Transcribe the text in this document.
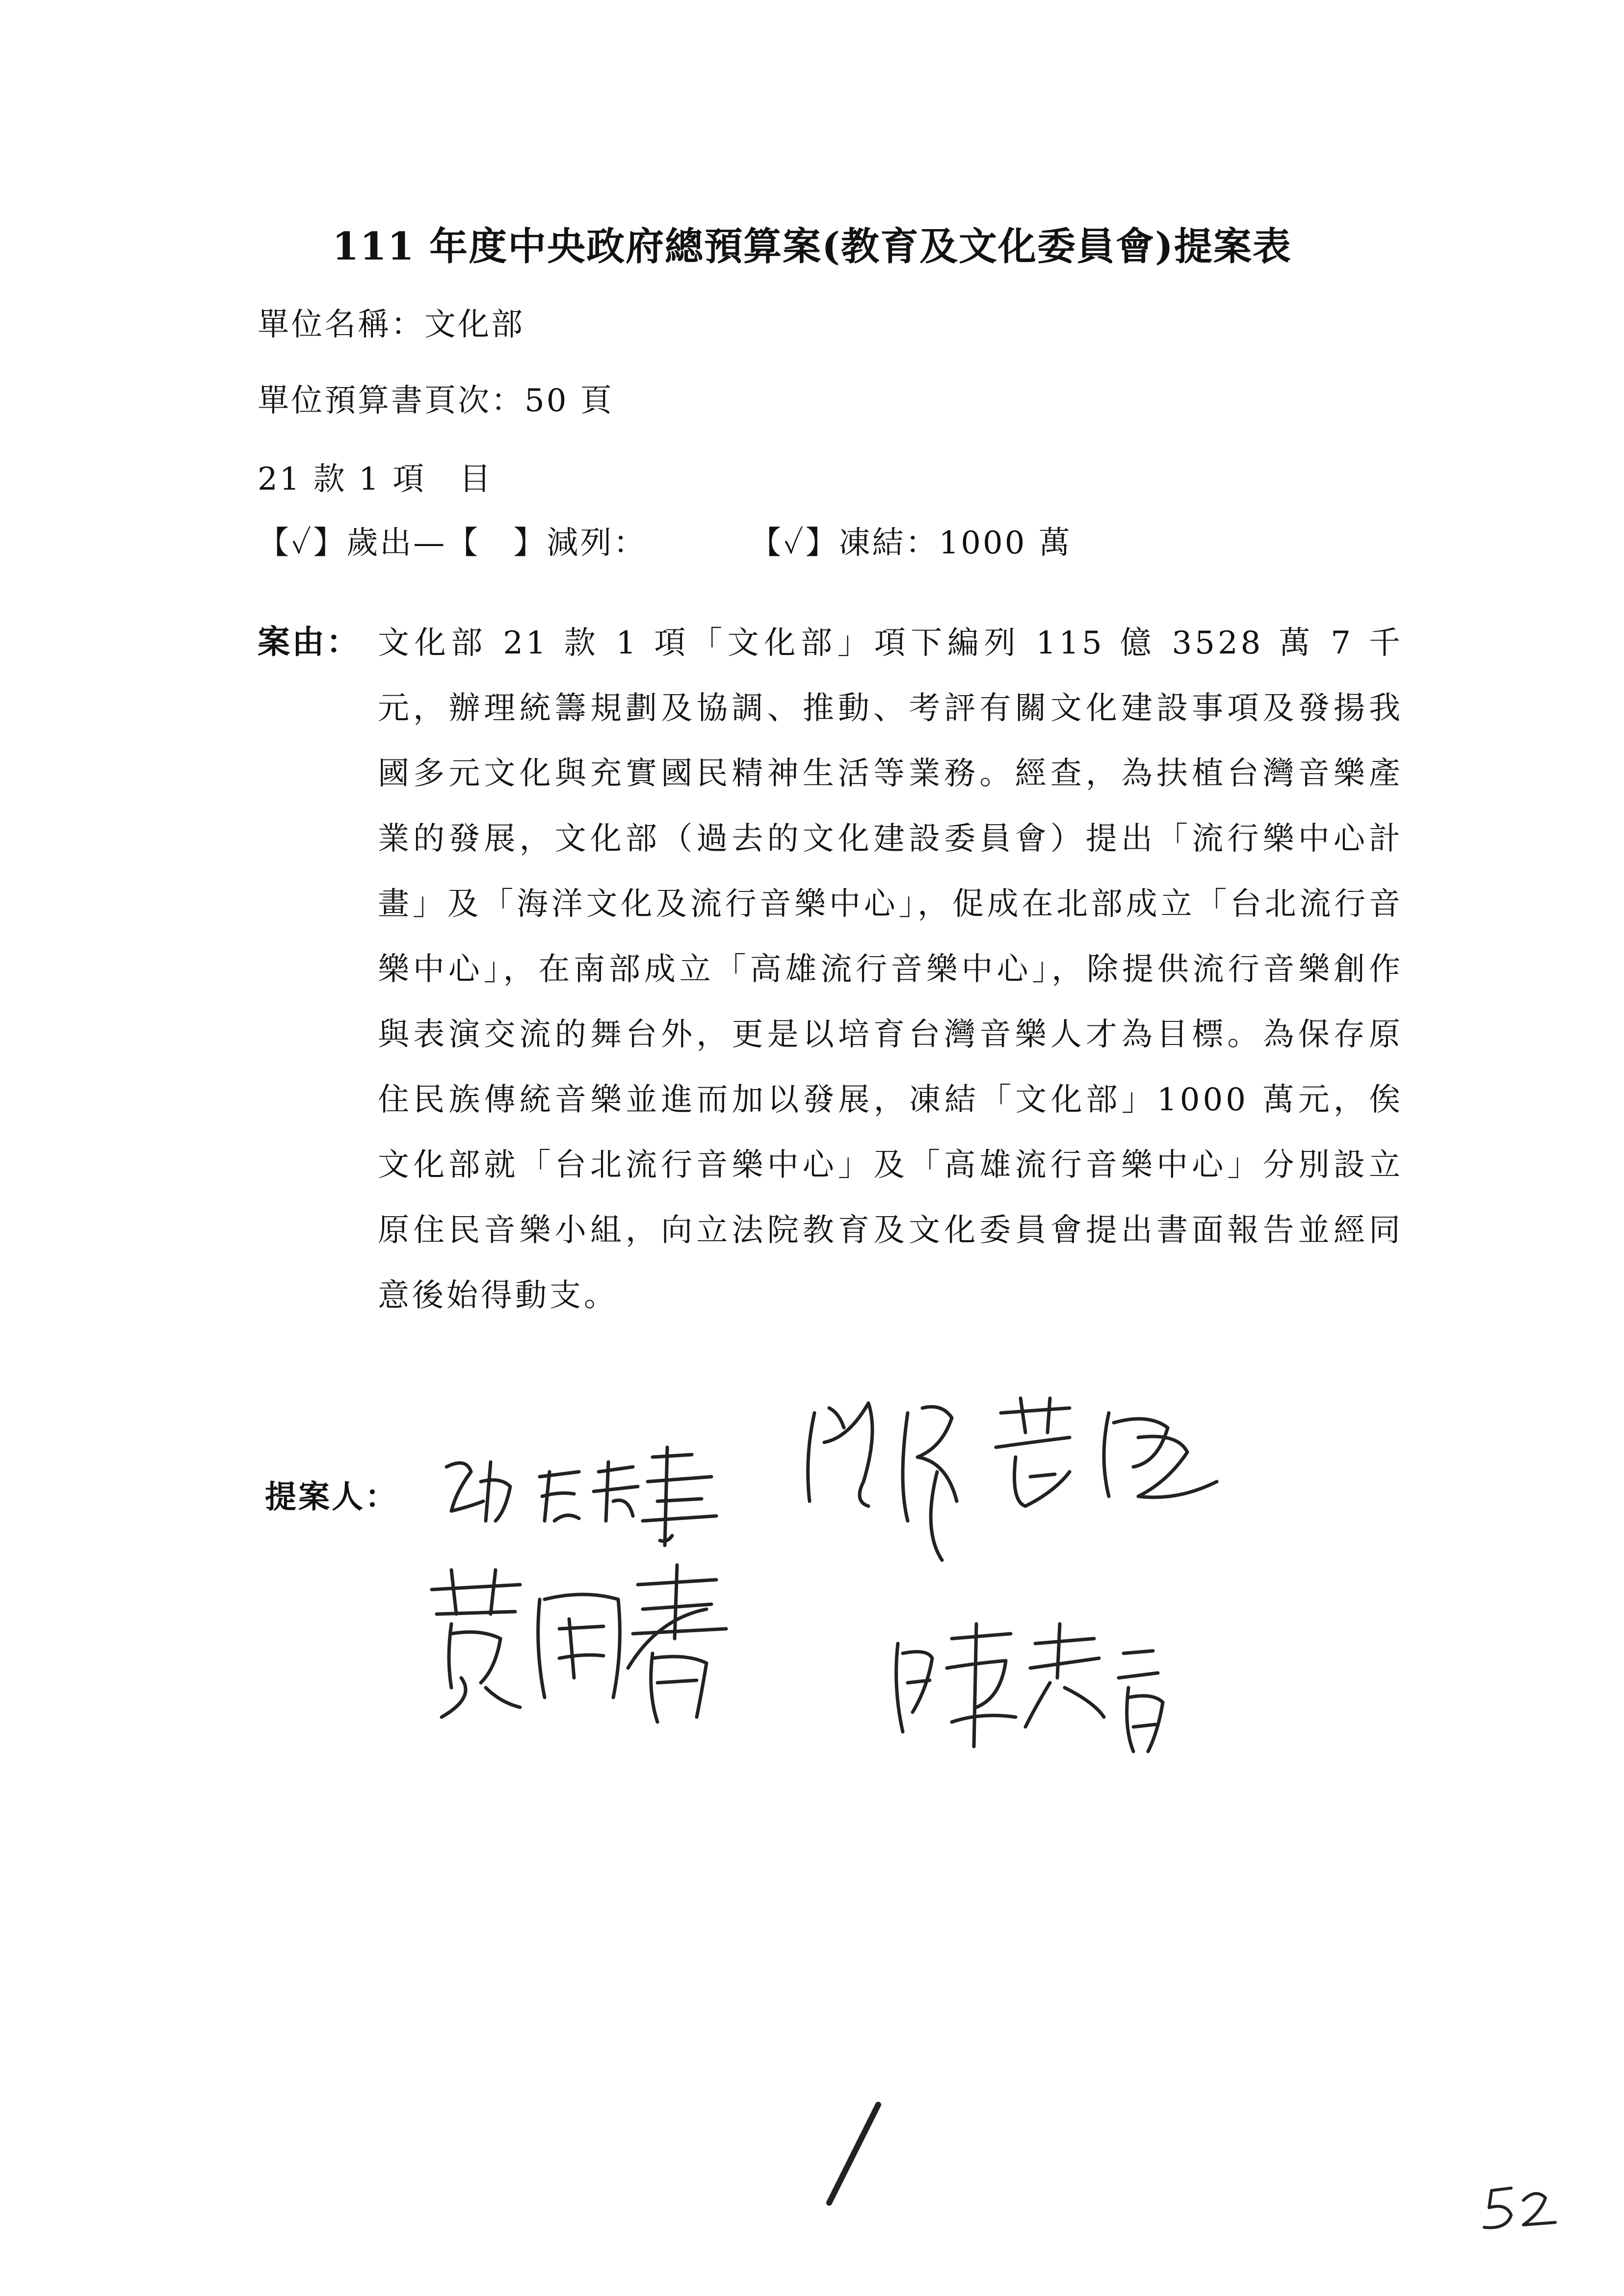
111 年度中央政府總預算案(教育及文化委員會)提案表
單位名稱：文化部
單位預算書頁次：50 頁
21 款 1 項　目
【✓】歲出—【　】減列：	【✓】凍結：1000 萬
案由： 文化部 21 款 1 項「文化部」項下編列 115 億 3528 萬 7 千元，辦理統籌規劃及協調、推動、考評有關文化建設事項及發揚我國多元文化與充實國民精神生活等業務。經查，為扶植台灣音樂產業的發展，文化部（過去的文化建設委員會）提出「流行樂中心計畫」及「海洋文化及流行音樂中心」，促成在北部成立「台北流行音樂中心」，在南部成立「高雄流行音樂中心」，除提供流行音樂創作與表演交流的舞台外，更是以培育台灣音樂人才為目標。為保存原住民族傳統音樂並進而加以發展，凍結「文化部」1000 萬元，俟文化部就「台北流行音樂中心」及「高雄流行音樂中心」分別設立原住民音樂小組，向立法院教育及文化委員會提出書面報告並經同意後始得動支。

提案人：
